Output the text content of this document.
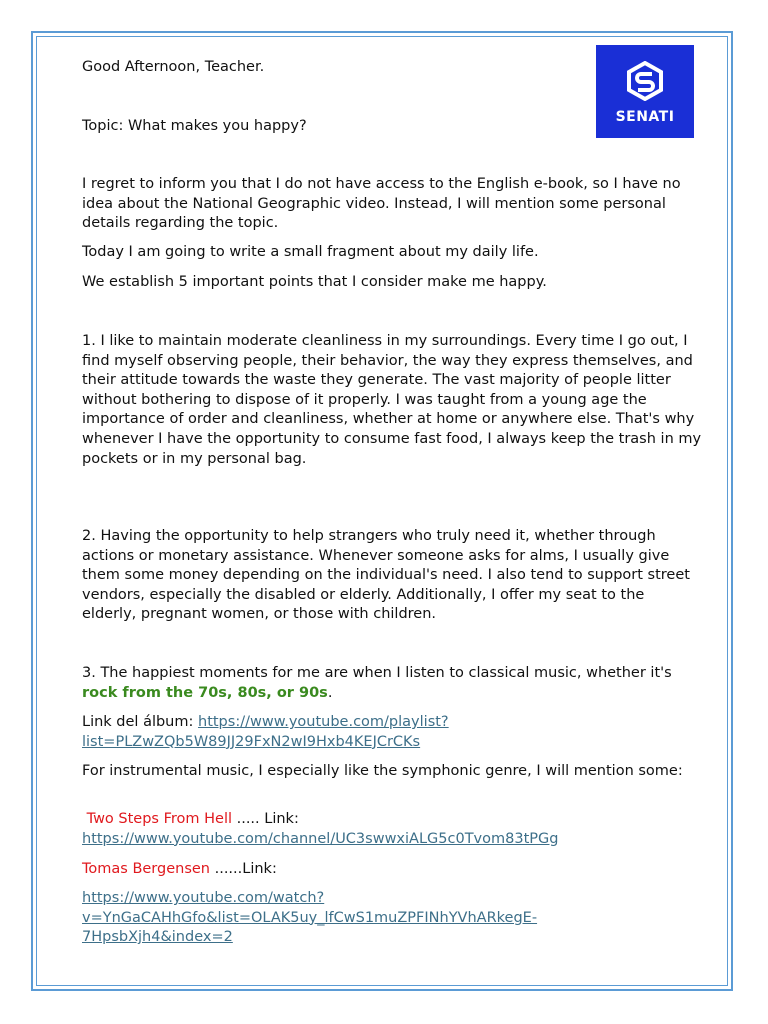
SENATI

Good Afternoon, Teacher.

Topic: What makes you happy?

I regret to inform you that I do not have access to the English e-book, so I have no idea about the National Geographic video. Instead, I will mention some personal details regarding the topic.

Today I am going to write a small fragment about my daily life.

We establish 5 important points that I consider make me happy.

1. I like to maintain moderate cleanliness in my surroundings. Every time I go out, I find myself observing people, their behavior, the way they express themselves, and their attitude towards the waste they generate. The vast majority of people litter without bothering to dispose of it properly. I was taught from a young age the importance of order and cleanliness, whether at home or anywhere else. That's why whenever I have the opportunity to consume fast food, I always keep the trash in my pockets or in my personal bag.

2. Having the opportunity to help strangers who truly need it, whether through actions or monetary assistance. Whenever someone asks for alms, I usually give them some money depending on the individual's need. I also tend to support street vendors, especially the disabled or elderly. Additionally, I offer my seat to the elderly, pregnant women, or those with children.

3. The happiest moments for me are when I listen to classical music, whether it's rock from the 70s, 80s, or 90s.

Link del álbum: https://www.youtube.com/playlist?
list=PLZwZQb5W89JJ29FxN2wI9Hxb4KEJCrCKs

For instrumental music, I especially like the symphonic genre, I will mention some:

Two Steps From Hell ..... Link:
https://www.youtube.com/channel/UC3swwxiALG5c0Tvom83tPGg

Tomas Bergensen ......Link:

https://www.youtube.com/watch?
v=YnGaCAHhGfo&list=OLAK5uy_lfCwS1muZPFINhYVhARkegE-
7HpsbXjh4&index=2
